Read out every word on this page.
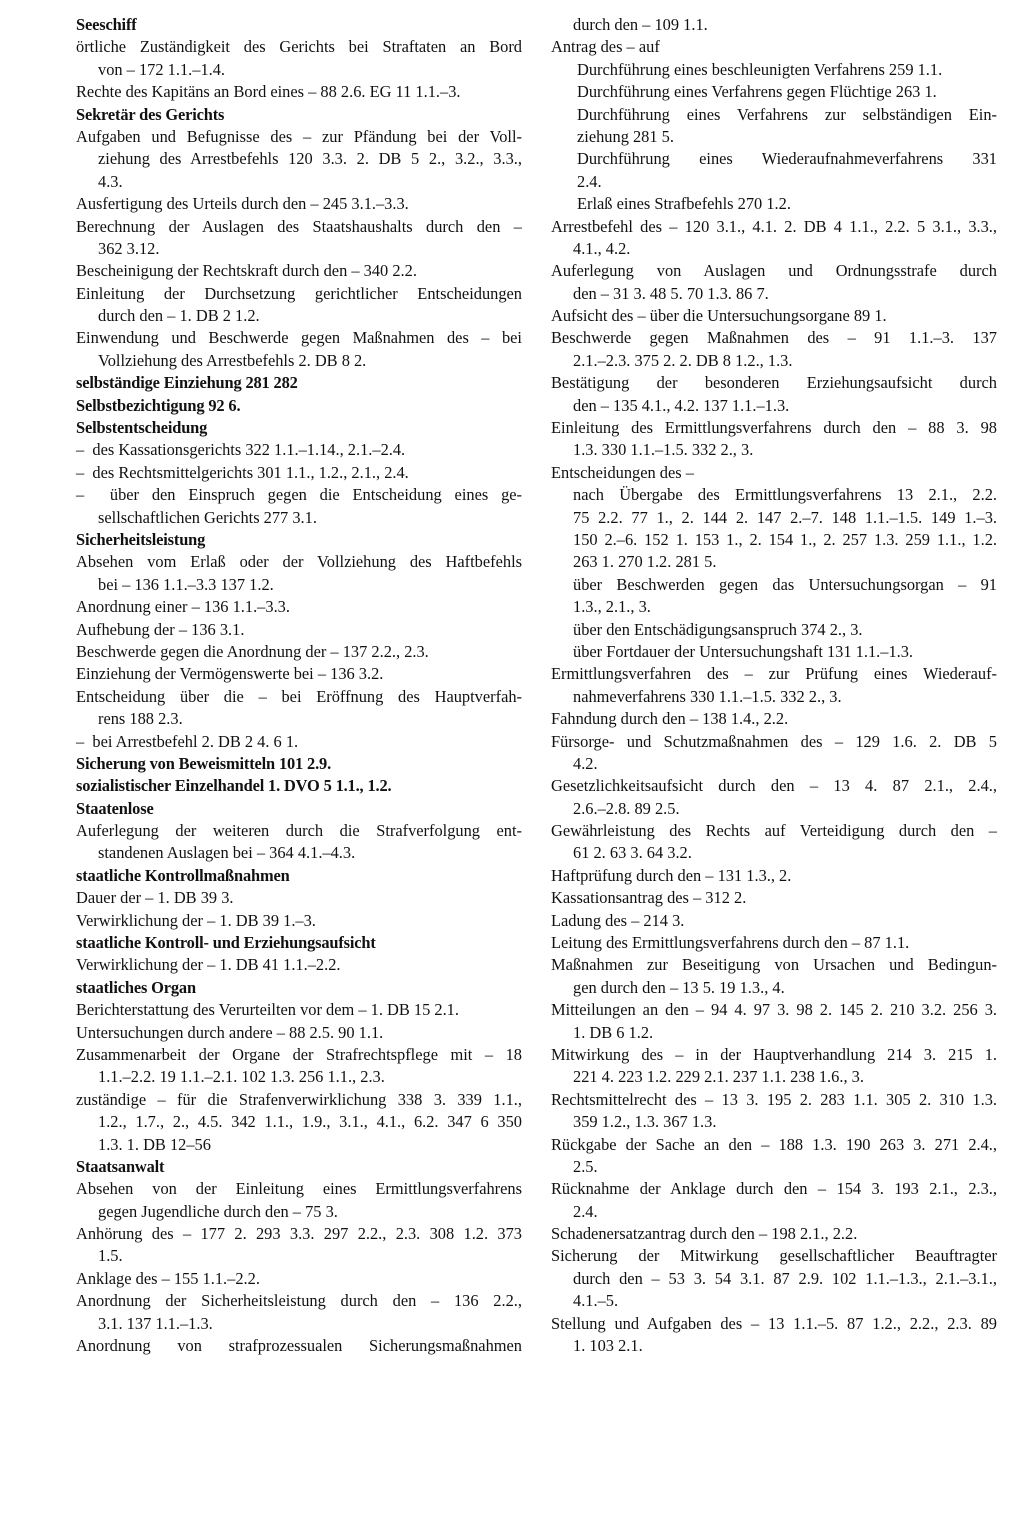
Seeschiff
örtliche Zuständigkeit des Gerichts bei Straftaten an Bord
von – 172 1.1.–1.4.
Rechte des Kapitäns an Bord eines – 88 2.6. EG 11 1.1.–3.
Sekretär des Gerichts
Aufgaben und Befugnisse des – zur Pfändung bei der Voll-
ziehung des Arrestbefehls 120 3.3. 2. DB 5 2., 3.2., 3.3.,
4.3.
Ausfertigung des Urteils durch den – 245 3.1.–3.3.
Berechnung der Auslagen des Staatshaushalts durch den –
362 3.12.
Bescheinigung der Rechtskraft durch den – 340 2.2.
Einleitung der Durchsetzung gerichtlicher Entscheidungen
durch den – 1. DB 2 1.2.
Einwendung und Beschwerde gegen Maßnahmen des – bei
Vollziehung des Arrestbefehls 2. DB 8 2.
selbständige Einziehung 281 282
Selbstbezichtigung 92 6.
Selbstentscheidung
–  des Kassationsgerichts 322 1.1.–1.14., 2.1.–2.4.
–  des Rechtsmittelgerichts 301 1.1., 1.2., 2.1., 2.4.
–  über den Einspruch gegen die Entscheidung eines ge-
sellschaftlichen Gerichts 277 3.1.
Sicherheitsleistung
Absehen vom Erlaß oder der Vollziehung des Haftbefehls
bei – 136 1.1.–3.3 137 1.2.
Anordnung einer – 136 1.1.–3.3.
Aufhebung der – 136 3.1.
Beschwerde gegen die Anordnung der – 137 2.2., 2.3.
Einziehung der Vermögenswerte bei – 136 3.2.
Entscheidung über die – bei Eröffnung des Hauptverfah-
rens 188 2.3.
–  bei Arrestbefehl 2. DB 2 4. 6 1.
Sicherung von Beweismitteln 101 2.9.
sozialistischer Einzelhandel 1. DVO 5 1.1., 1.2.
Staatenlose
Auferlegung der weiteren durch die Strafverfolgung ent-
standenen Auslagen bei – 364 4.1.–4.3.
staatliche Kontrollmaßnahmen
Dauer der – 1. DB 39 3.
Verwirklichung der – 1. DB 39 1.–3.
staatliche Kontroll- und Erziehungsaufsicht
Verwirklichung der – 1. DB 41 1.1.–2.2.
staatliches Organ
Berichterstattung des Verurteilten vor dem – 1. DB 15 2.1.
Untersuchungen durch andere – 88 2.5. 90 1.1.
Zusammenarbeit der Organe der Strafrechtspflege mit – 18
1.1.–2.2. 19 1.1.–2.1. 102 1.3. 256 1.1., 2.3.
zuständige – für die Strafenverwirklichung 338 3. 339 1.1.,
1.2., 1.7., 2., 4.5. 342 1.1., 1.9., 3.1., 4.1., 6.2. 347 6 350
1.3. 1. DB 12–56
Staatsanwalt
Absehen von der Einleitung eines Ermittlungsverfahrens
gegen Jugendliche durch den – 75 3.
Anhörung des – 177 2. 293 3.3. 297 2.2., 2.3. 308 1.2. 373
1.5.
Anklage des – 155 1.1.–2.2.
Anordnung der Sicherheitsleistung durch den – 136 2.2.,
3.1. 137 1.1.–1.3.
Anordnung von strafprozessualen Sicherungsmaßnahmen
durch den – 109 1.1.
Antrag des – auf
Durchführung eines beschleunigten Verfahrens 259 1.1.
Durchführung eines Verfahrens gegen Flüchtige 263 1.
Durchführung eines Verfahrens zur selbständigen Ein-
ziehung 281 5.
Durchführung eines Wiederaufnahmeverfahrens 331
2.4.
Erlaß eines Strafbefehls 270 1.2.
Arrestbefehl des – 120 3.1., 4.1. 2. DB 4 1.1., 2.2. 5 3.1., 3.3.,
4.1., 4.2.
Auferlegung von Auslagen und Ordnungsstrafe durch
den – 31 3. 48 5. 70 1.3. 86 7.
Aufsicht des – über die Untersuchungsorgane 89 1.
Beschwerde gegen Maßnahmen des – 91 1.1.–3. 137
2.1.–2.3. 375 2. 2. DB 8 1.2., 1.3.
Bestätigung der besonderen Erziehungsaufsicht durch
den – 135 4.1., 4.2. 137 1.1.–1.3.
Einleitung des Ermittlungsverfahrens durch den – 88 3. 98
1.3. 330 1.1.–1.5. 332 2., 3.
Entscheidungen des –
nach Übergabe des Ermittlungsverfahrens 13 2.1., 2.2.
75 2.2. 77 1., 2. 144 2. 147 2.–7. 148 1.1.–1.5. 149 1.–3.
150 2.–6. 152 1. 153 1., 2. 154 1., 2. 257 1.3. 259 1.1., 1.2.
263 1. 270 1.2. 281 5.
über Beschwerden gegen das Untersuchungsorgan – 91
1.3., 2.1., 3.
über den Entschädigungsanspruch 374 2., 3.
über Fortdauer der Untersuchungshaft 131 1.1.–1.3.
Ermittlungsverfahren des – zur Prüfung eines Wiederauf-
nahmeverfahrens 330 1.1.–1.5. 332 2., 3.
Fahndung durch den – 138 1.4., 2.2.
Fürsorge- und Schutzmaßnahmen des – 129 1.6. 2. DB 5
4.2.
Gesetzlichkeitsaufsicht durch den – 13 4. 87 2.1., 2.4.,
2.6.–2.8. 89 2.5.
Gewährleistung des Rechts auf Verteidigung durch den –
61 2. 63 3. 64 3.2.
Haftprüfung durch den – 131 1.3., 2.
Kassationsantrag des – 312 2.
Ladung des – 214 3.
Leitung des Ermittlungsverfahrens durch den – 87 1.1.
Maßnahmen zur Beseitigung von Ursachen und Bedingun-
gen durch den – 13 5. 19 1.3., 4.
Mitteilungen an den – 94 4. 97 3. 98 2. 145 2. 210 3.2. 256 3.
1. DB 6 1.2.
Mitwirkung des – in der Hauptverhandlung 214 3. 215 1.
221 4. 223 1.2. 229 2.1. 237 1.1. 238 1.6., 3.
Rechtsmittelrecht des – 13 3. 195 2. 283 1.1. 305 2. 310 1.3.
359 1.2., 1.3. 367 1.3.
Rückgabe der Sache an den – 188 1.3. 190 263 3. 271 2.4.,
2.5.
Rücknahme der Anklage durch den – 154 3. 193 2.1., 2.3.,
2.4.
Schadenersatzantrag durch den – 198 2.1., 2.2.
Sicherung der Mitwirkung gesellschaftlicher Beauftragter
durch den – 53 3. 54 3.1. 87 2.9. 102 1.1.–1.3., 2.1.–3.1.,
4.1.–5.
Stellung und Aufgaben des – 13 1.1.–5. 87 1.2., 2.2., 2.3. 89
1. 103 2.1.
